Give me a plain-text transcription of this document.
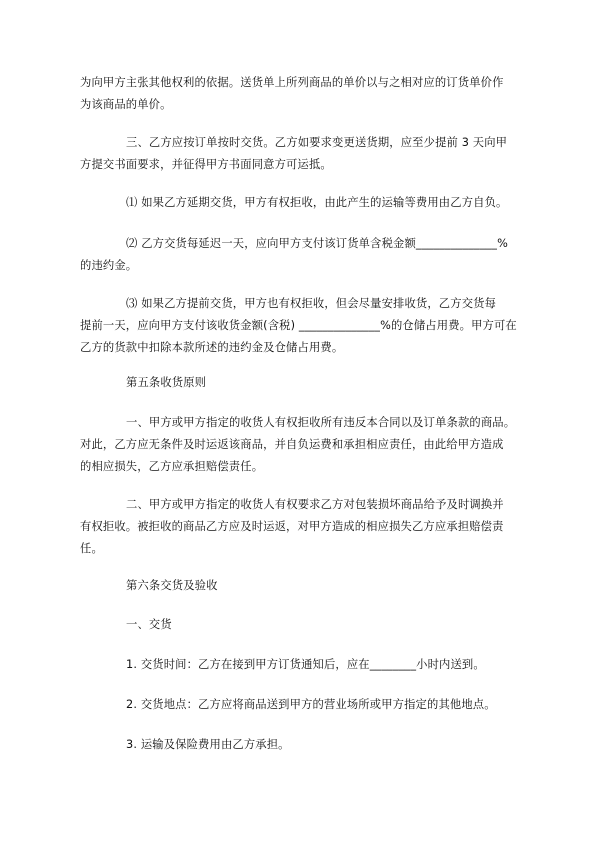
为向甲方主张其他权利的依据。送货单上所列商品的单价以与之相对应的订货单价作
为该商品的单价。
三、乙方应按订单按时交货。乙方如要求变更送货期，应至少提前 3 天向甲
方提交书面要求，并征得甲方书面同意方可运抵。
⑴ 如果乙方延期交货，甲方有权拒收，由此产生的运输等费用由乙方自负。
⑵ 乙方交货每延迟一天，应向甲方支付该订货单含税金额______________%
的违约金。
⑶ 如果乙方提前交货，甲方也有权拒收，但会尽量安排收货，乙方交货每
提前一天，应向甲方支付该收货金额(含税) ______________%的仓储占用费。甲方可在
乙方的货款中扣除本款所述的违约金及仓储占用费。
第五条收货原则
一、甲方或甲方指定的收货人有权拒收所有违反本合同以及订单条款的商品。
对此，乙方应无条件及时运返该商品，并自负运费和承担相应责任，由此给甲方造成
的相应损失，乙方应承担赔偿责任。
二、甲方或甲方指定的收货人有权要求乙方对包装损坏商品给予及时调换并
有权拒收。被拒收的商品乙方应及时运返，对甲方造成的相应损失乙方应承担赔偿责
任。
第六条交货及验收
一、交货
1. 交货时间：乙方在接到甲方订货通知后，应在________小时内送到。
2. 交货地点：乙方应将商品送到甲方的营业场所或甲方指定的其他地点。
3. 运输及保险费用由乙方承担。
